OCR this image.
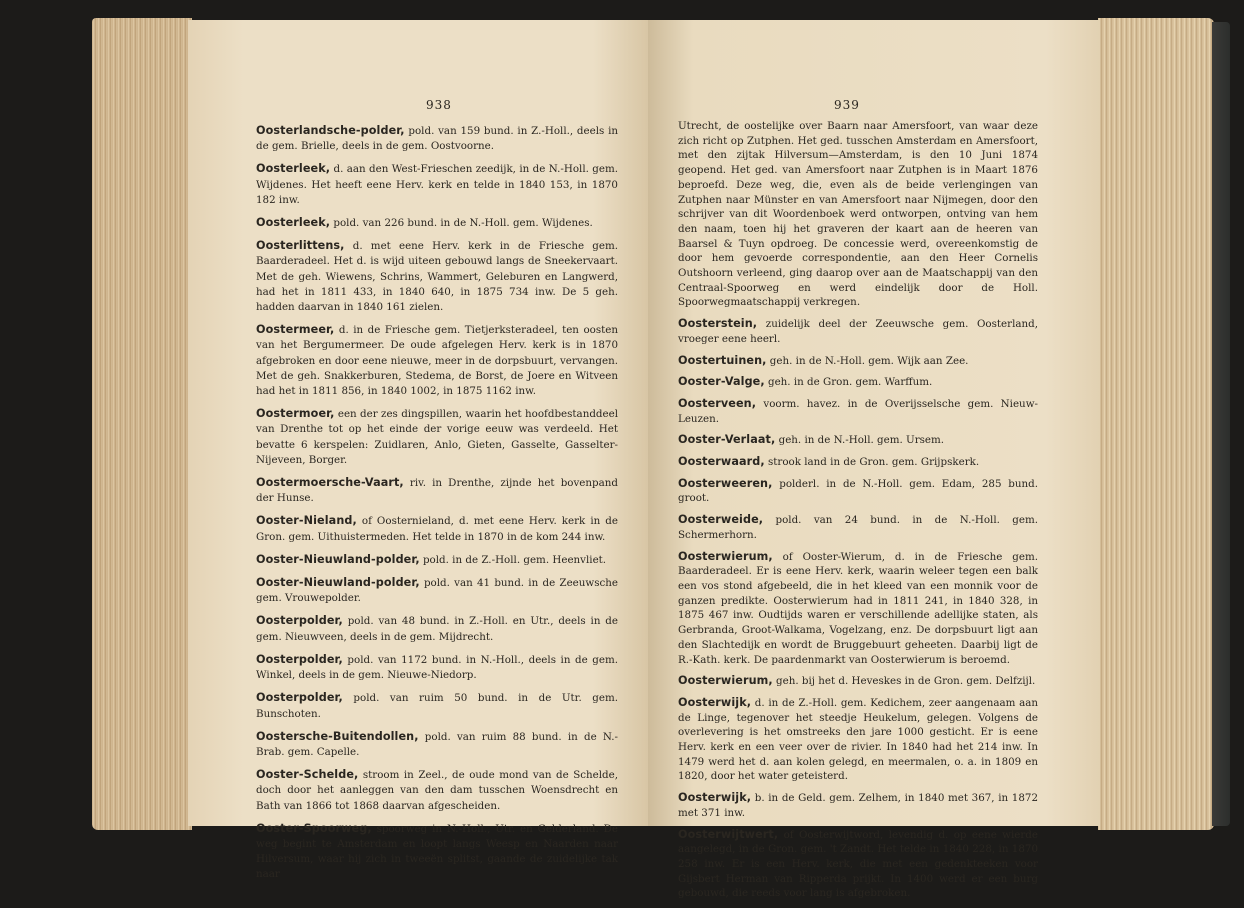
938

Oosterlandsche-polder, pold. van 159 bund. in Z.-Holl., deels in de gem. Brielle, deels in de gem. Oostvoorne.

Oosterleek, d. aan den West-Frieschen zeedijk, in de N.-Holl. gem. Wijdenes. Het heeft eene Herv. kerk en telde in 1840 153, in 1870 182 inw.

Oosterleek, pold. van 226 bund. in de N.-Holl. gem. Wijdenes.

Oosterlittens, d. met eene Herv. kerk in de Friesche gem. Baarderadeel. Het d. is wijd uiteen gebouwd langs de Sneekervaart. Met de geh. Wiewens, Schrins, Wammert, Geleburen en Langwerd, had het in 1811 433, in 1840 640, in 1875 734 inw. De 5 geh. hadden daarvan in 1840 161 zielen.

Oostermeer, d. in de Friesche gem. Tietjerksteradeel, ten oosten van het Bergumermeer. De oude afgelegen Herv. kerk is in 1870 afgebroken en door eene nieuwe, meer in de dorpsbuurt, vervangen. Met de geh. Snakkerburen, Stedema, de Borst, de Joere en Witveen had het in 1811 856, in 1840 1002, in 1875 1162 inw.

Oostermoer, een der zes dingspillen, waarin het hoofdbestanddeel van Drenthe tot op het einde der vorige eeuw was verdeeld. Het bevatte 6 kerspelen: Zuidlaren, Anlo, Gieten, Gasselte, Gasselter-Nijeveen, Borger.

Oostermoersche-Vaart, riv. in Drenthe, zijnde het bovenpand der Hunse.

Ooster-Nieland, of Oosternieland, d. met eene Herv. kerk in de Gron. gem. Uithuistermeden. Het telde in 1870 in de kom 244 inw.

Ooster-Nieuwland-polder, pold. in de Z.-Holl. gem. Heenvliet.

Ooster-Nieuwland-polder, pold. van 41 bund. in de Zeeuwsche gem. Vrouwepolder.

Oosterpolder, pold. van 48 bund. in Z.-Holl. en Utr., deels in de gem. Nieuwveen, deels in de gem. Mijdrecht.

Oosterpolder, pold. van 1172 bund. in N.-Holl., deels in de gem. Winkel, deels in de gem. Nieuwe-Niedorp.

Oosterpolder, pold. van ruim 50 bund. in de Utr. gem. Bunschoten.

Oostersche-Buitendollen, pold. van ruim 88 bund. in de N.-Brab. gem. Capelle.

Ooster-Schelde, stroom in Zeel., de oude mond van de Schelde, doch door het aanleggen van den dam tusschen Woensdrecht en Bath van 1866 tot 1868 daarvan afgescheiden.

Ooster-Spoorweg, spoorweg in N.-Holl., Utr. en Gelderland. De weg begint te Amsterdam en loopt langs Weesp en Naarden naar Hilversum, waar hij zich in tweeën splitst, gaande de zuidelijke tak naar

939

Utrecht, de oostelijke over Baarn naar Amersfoort, van waar deze zich richt op Zutphen. Het ged. tusschen Amsterdam en Amersfoort, met den zijtak Hilversum—Amsterdam, is den 10 Juni 1874 geopend. Het ged. van Amersfoort naar Zutphen is in Maart 1876 beproefd. Deze weg, die, even als de beide verlengingen van Zutphen naar Münster en van Amersfoort naar Nijmegen, door den schrijver van dit Woordenboek werd ontworpen, ontving van hem den naam, toen hij het graveren der kaart aan de heeren van Baarsel & Tuyn opdroeg. De concessie werd, overeenkomstig de door hem gevoerde correspondentie, aan den Heer Cornelis Outshoorn verleend, ging daarop over aan de Maatschappij van den Centraal-Spoorweg en werd eindelijk door de Holl. Spoorwegmaatschappij verkregen.

Oosterstein, zuidelijk deel der Zeeuwsche gem. Oosterland, vroeger eene heerl.

Oostertuinen, geh. in de N.-Holl. gem. Wijk aan Zee.

Ooster-Valge, geh. in de Gron. gem. Warffum.

Oosterveen, voorm. havez. in de Overijsselsche gem. Nieuw-Leuzen.

Ooster-Verlaat, geh. in de N.-Holl. gem. Ursem.

Oosterwaard, strook land in de Gron. gem. Grijpskerk.

Oosterweeren, polderl. in de N.-Holl. gem. Edam, 285 bund. groot.

Oosterweide, pold. van 24 bund. in de N.-Holl. gem. Schermerhorn.

Oosterwierum, of Ooster-Wierum, d. in de Friesche gem. Baarderadeel. Er is eene Herv. kerk, waarin weleer tegen een balk een vos stond afgebeeld, die in het kleed van een monnik voor de ganzen predikte. Oosterwierum had in 1811 241, in 1840 328, in 1875 467 inw. Oudtijds waren er verschillende adellijke staten, als Gerbranda, Groot-Walkama, Vogelzang, enz. De dorpsbuurt ligt aan den Slachtedijk en wordt de Bruggebuurt geheeten. Daarbij ligt de R.-Kath. kerk. De paardenmarkt van Oosterwierum is beroemd.

Oosterwierum, geh. bij het d. Heveskes in de Gron. gem. Delfzijl.

Oosterwijk, d. in de Z.-Holl. gem. Kedichem, zeer aangenaam aan de Linge, tegenover het steedje Heukelum, gelegen. Volgens de overlevering is het omstreeks den jare 1000 gesticht. Er is eene Herv. kerk en een veer over de rivier. In 1840 had het 214 inw. In 1479 werd het d. aan kolen gelegd, en meermalen, o. a. in 1809 en 1820, door het water geteisterd.

Oosterwijk, b. in de Geld. gem. Zelhem, in 1840 met 367, in 1872 met 371 inw.

Oosterwijtwert, of Oosterwijtword, levendig d. op eene wierde aangelegd, in de Gron. gem. 't Zandt. Het telde in 1840 228, in 1870 258 inw. Er is een Herv. kerk, die met een gedenkteeken voor Gijsbert Herman van Ripperda prijkt. In 1400 werd er een burg gebouwd, die reeds voor lang is afgebroken.
